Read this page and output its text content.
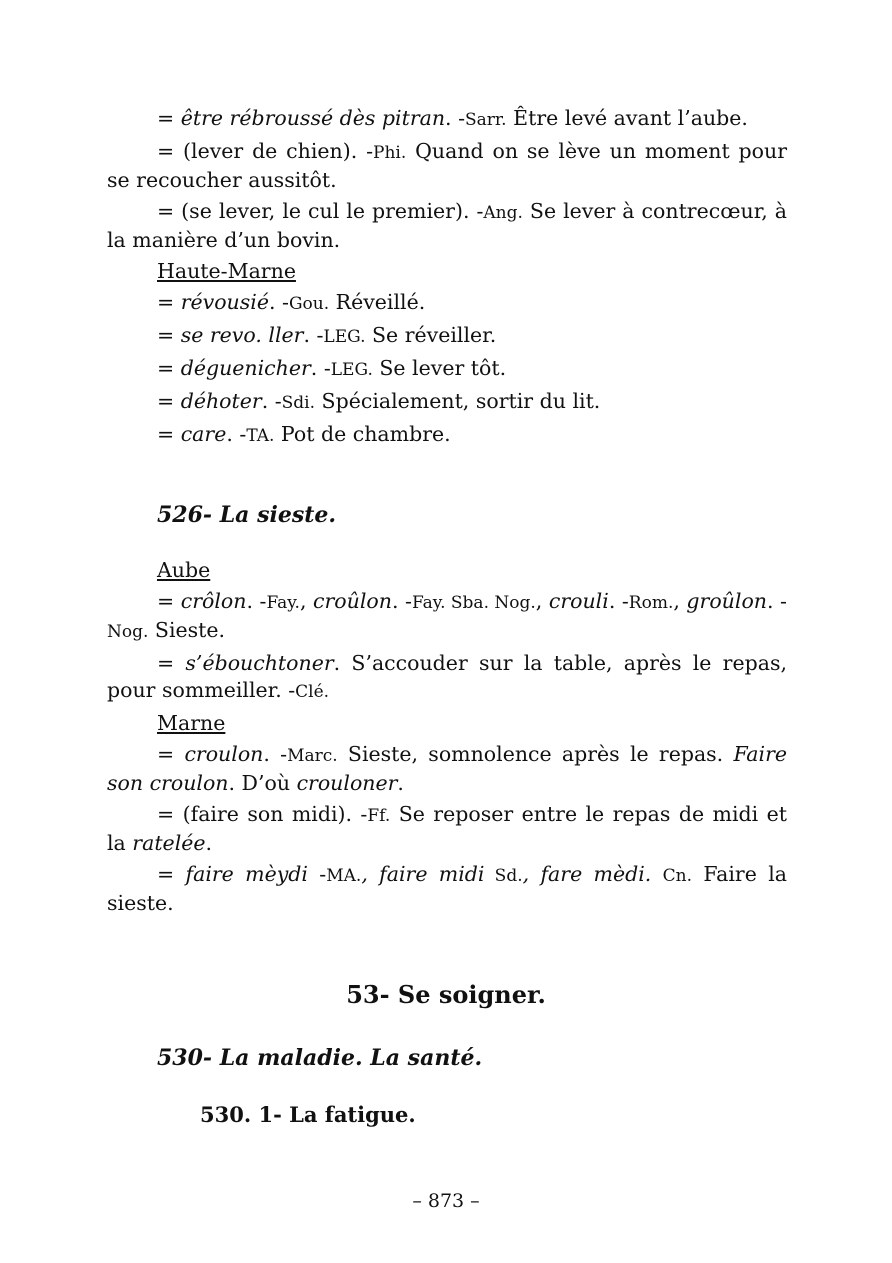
= être rébroussé dès pitran. -Sarr. Être levé avant l’aube.

= (lever de chien). -Phi. Quand on se lève un moment pour se recoucher aussitôt.

= (se lever, le cul le premier). -Ang. Se lever à contrecœur, à la manière d’un bovin.

Haute-Marne

= révousié. -Gou. Réveillé.

= se revo. ller. -LEG. Se réveiller.

= déguenicher. -LEG. Se lever tôt.

= déhoter. -Sdi. Spécialement, sortir du lit.

= care. -TA. Pot de chambre.

526- La sieste.

Aube

= crôlon. -Fay., croûlon. -Fay. Sba. Nog., crouli. -Rom., groûlon. -Nog. Sieste.

= s’ébouchtoner. S’accouder sur la table, après le repas, pour sommeiller. -Clé.

Marne

= croulon. -Marc. Sieste, somnolence après le repas. Faire son croulon. D’où crouloner.

= (faire son midi). -Ff. Se reposer entre le repas de midi et la ratelée.

= faire mèydi -MA., faire midi Sd., fare mèdi. Cn. Faire la sieste.

53- Se soigner.
530- La maladie. La santé.
530. 1- La fatigue.
– 873 –
